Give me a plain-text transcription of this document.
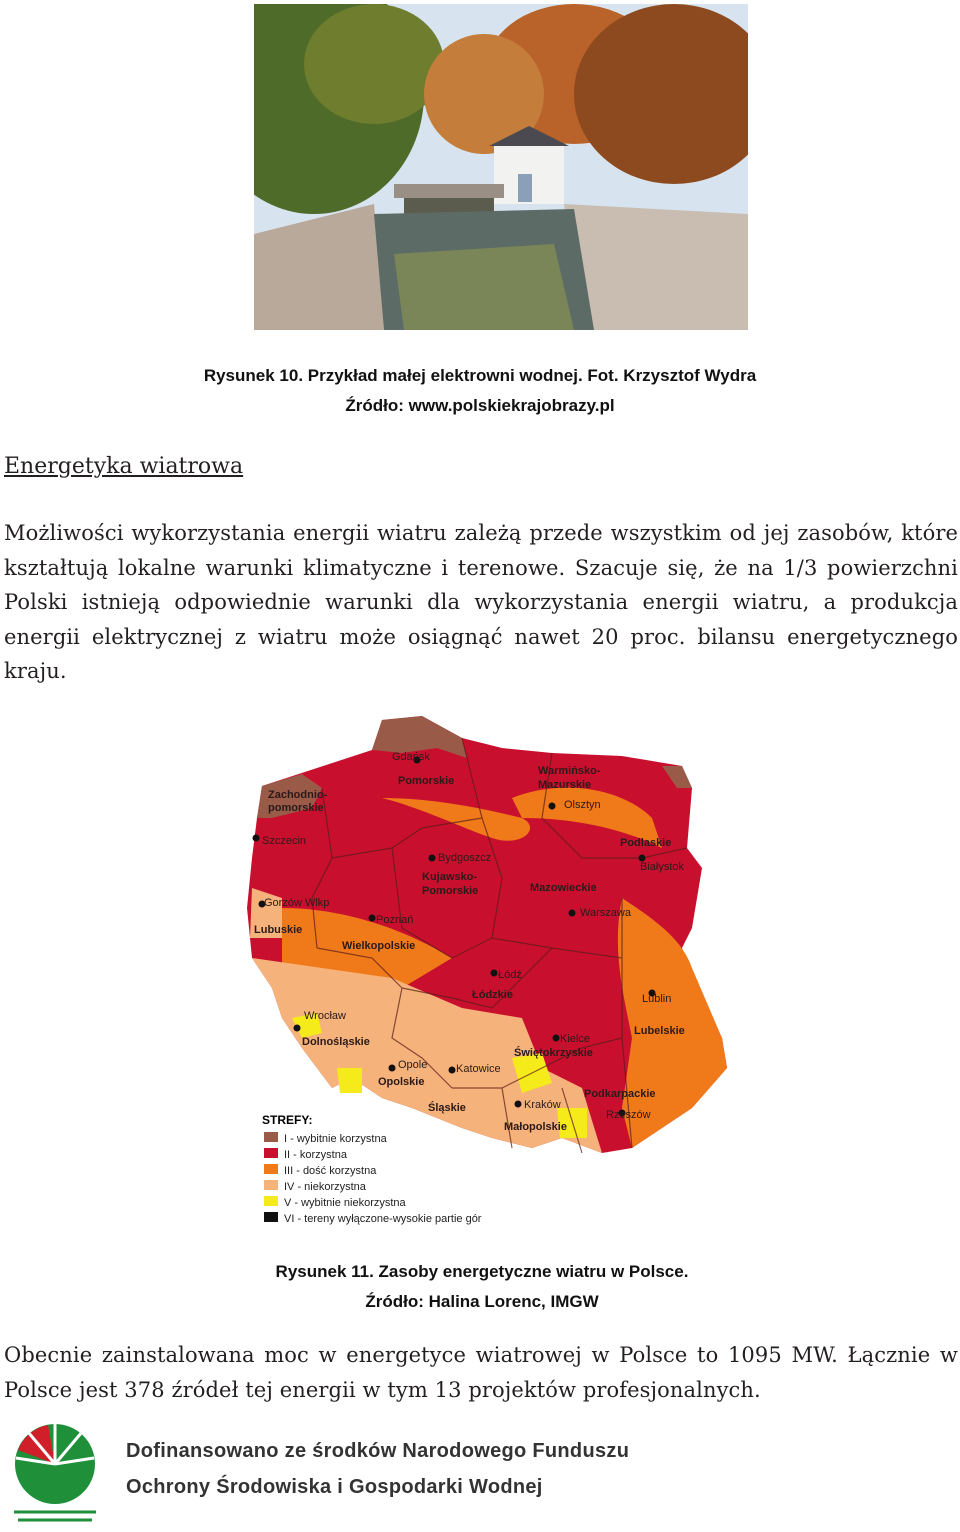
Rysunek 10. Przykład małej elektrowni wodnej. Fot. Krzysztof Wydra
Źródło: www.polskiekrajobrazy.pl
Energetyka wiatrowa
Możliwości wykorzystania energii wiatru zależą przede wszystkim od jej zasobów, które kształtują lokalne warunki klimatyczne i terenowe. Szacuje się, że na 1/3 powierzchni Polski istnieją odpowiednie warunki dla wykorzystania energii wiatru, a produkcja energii elektrycznej z wiatru może osiągnąć nawet 20 proc. bilansu energetycznego kraju.
Zachodnio-
pomorskie
Pomorskie
Warmińsko-
Mazurskie
Podlaskie
Kujawsko-
Pomorskie	Mazowieckie
Lubuskie
Wielkopolskie
Łódzkie
Lubelskie
Dolnośląskie
Opolskie
Świętokrzyskie
Śląskie
Małopolskie
Podkarpackie
Gdańsk
Olsztyn
Szczecin
Bydgoszcz
Białystok
Gorzów Wlkp
Poznań
Warszawa
Łódź
Lublin
Wrocław
Kielce
Opole	Katowice
Kraków
Rzeszów
STREFY:
I - wybitnie korzystna
II - korzystna
III - dość korzystna
IV - niekorzystna
V - wybitnie niekorzystna
VI - tereny wyłączone-wysokie partie gór
Rysunek 11. Zasoby energetyczne wiatru w Polsce.
Źródło: Halina Lorenc, IMGW
Obecnie zainstalowana moc w energetyce wiatrowej w Polsce to 1095 MW. Łącznie w Polsce jest 378 źródeł tej energii w tym 13 projektów profesjonalnych.
Dofinansowano ze środków Narodowego Funduszu
Ochrony Środowiska i Gospodarki Wodnej
